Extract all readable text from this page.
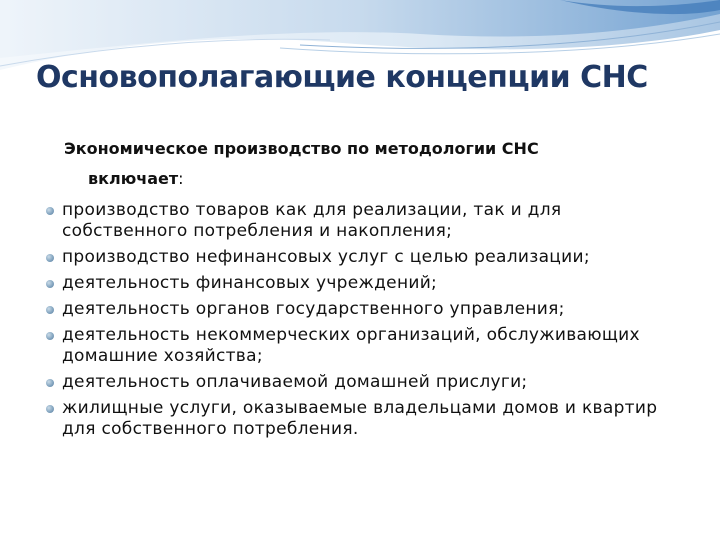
Основополагающие концепции СНС

Экономическое производство по методологии СНС
включает:

производство товаров как для реализации, так и для собственного потребления и накопления;
производство нефинансовых услуг с целью реализации;
деятельность финансовых учреждений;
деятельность органов государственного управления;
деятельность некоммерческих организаций, обслуживающих домашние хозяйства;
деятельность оплачиваемой домашней прислуги;
жилищные услуги, оказываемые владельцами домов и квартир для собственного потребления.
